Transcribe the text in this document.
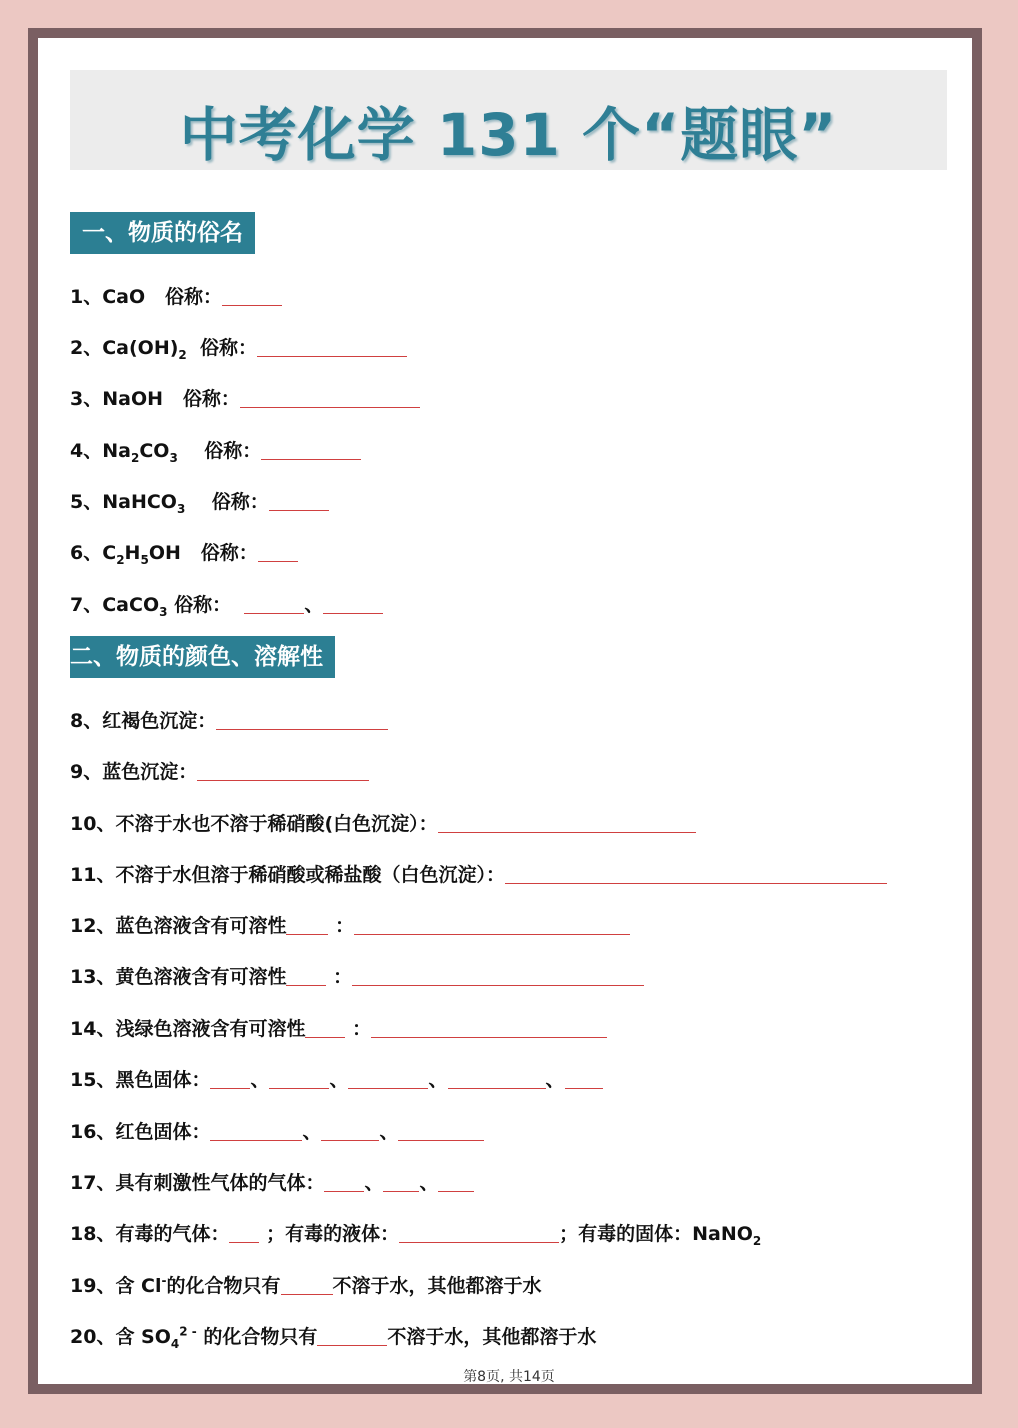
中考化学 131 个“题眼”
一、物质的俗名
1、CaO 俗称：
2、$Ca(OH)_2$ 俗称：
3、NaOH 俗称：
4、$Na_2CO_3$ 俗称：
5、NaHCO$_3$ 俗称：
6、$C_2H_5OH$ 俗称：
7、CaCO$_3$ 俗称：	、
二、物质的颜色、溶解性
8、红褐色沉淀：
9、蓝色沉淀：
10、不溶于水也不溶于稀硝酸(白色沉淀）：
11、不溶于水但溶于稀硝酸或稀盐酸（白色沉淀）：
12、蓝色溶液含有可溶性	：
13、黄色溶液含有可溶性 ：
14、浅绿色溶液含有可溶性 ：
15、黑色固体： 、	、	、	、
16、红色固体：	、	、
17、具有刺激性气体的气体： 、 、
18、有毒的气体： ；有毒的液体：	；有毒的固体：NaNO$_2$
19、含 Cl-的化合物只有	不溶于水，其他都溶于水
20、含 $SO_4^{2 -}$ 的化合物只有	不溶于水，其他都溶于水
第8页, 共14页
